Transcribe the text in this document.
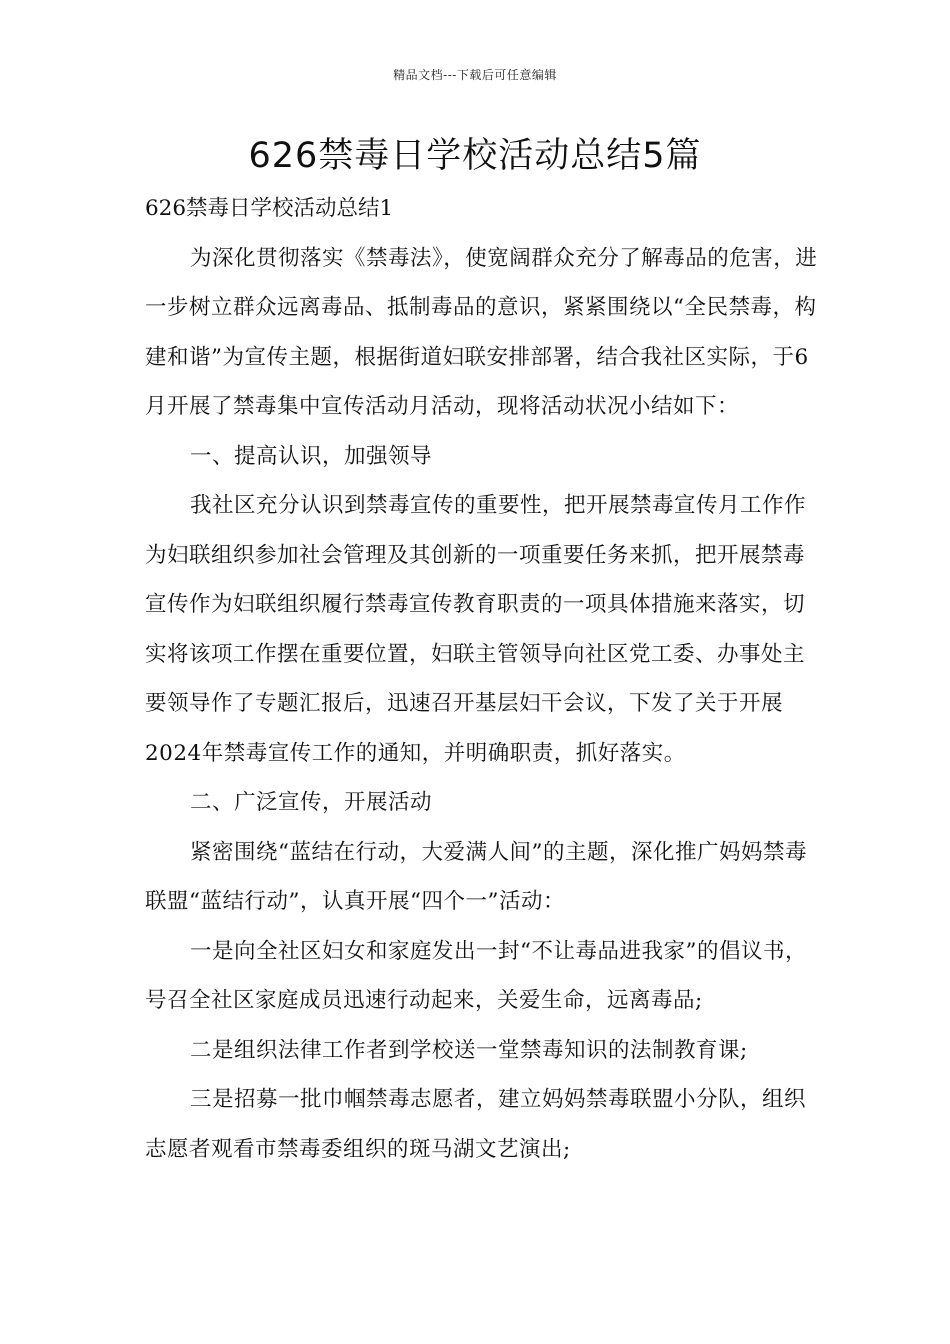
精品文档---下载后可任意编辑
626禁毒日学校活动总结5篇

626禁毒日学校活动总结1

为深化贯彻落实《禁毒法》，使宽阔群众充分了解毒品的危害，进一步树立群众远离毒品、抵制毒品的意识，紧紧围绕以“全民禁毒，构建和谐”为宣传主题，根据街道妇联安排部署，结合我社区实际，于6月开展了禁毒集中宣传活动月活动，现将活动状况小结如下：

一、提高认识，加强领导

我社区充分认识到禁毒宣传的重要性，把开展禁毒宣传月工作作为妇联组织参加社会管理及其创新的一项重要任务来抓，把开展禁毒宣传作为妇联组织履行禁毒宣传教育职责的一项具体措施来落实，切实将该项工作摆在重要位置，妇联主管领导向社区党工委、办事处主要领导作了专题汇报后，迅速召开基层妇干会议，下发了关于开展2024年禁毒宣传工作的通知，并明确职责，抓好落实。

二、广泛宣传，开展活动

紧密围绕“蓝结在行动，大爱满人间”的主题，深化推广妈妈禁毒联盟“蓝结行动”，认真开展“四个一”活动：

一是向全社区妇女和家庭发出一封“不让毒品进我家”的倡议书，号召全社区家庭成员迅速行动起来，关爱生命，远离毒品;

二是组织法律工作者到学校送一堂禁毒知识的法制教育课;

三是招募一批巾帼禁毒志愿者，建立妈妈禁毒联盟小分队，组织志愿者观看市禁毒委组织的斑马湖文艺演出;
